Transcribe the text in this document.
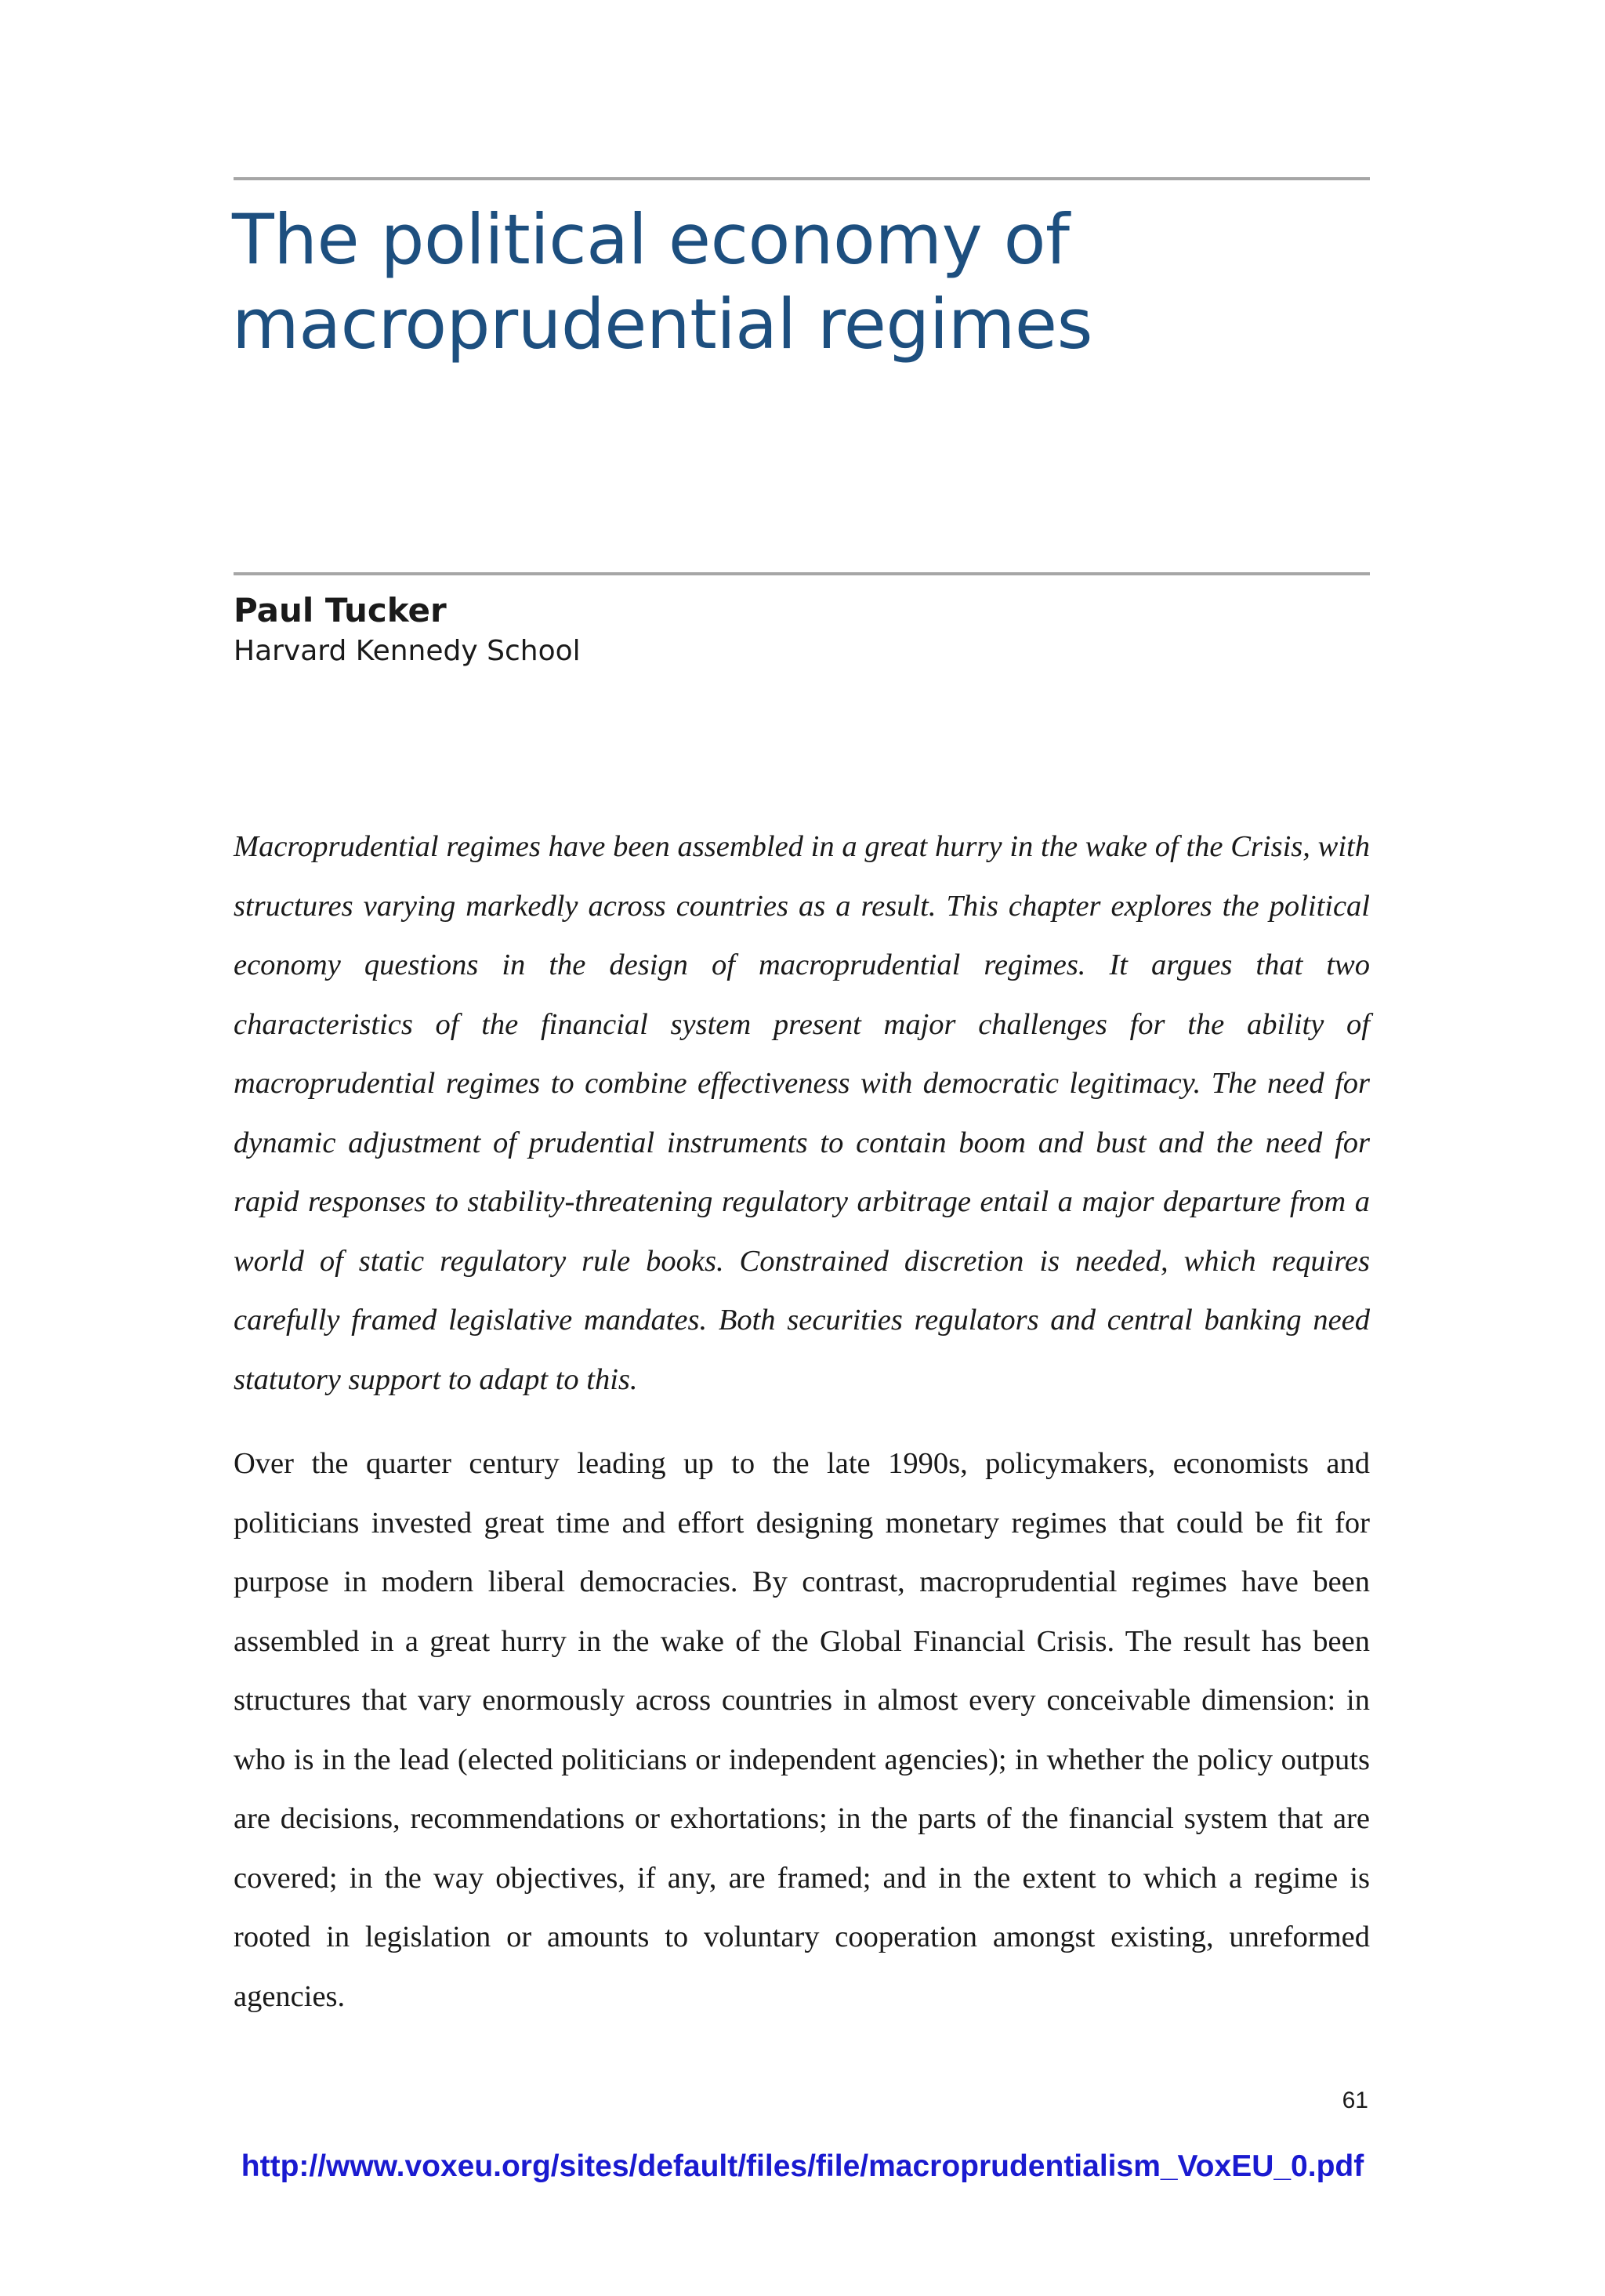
The political economy of
macroprudential regimes

Paul Tucker

Harvard Kennedy School

Macroprudential regimes have been assembled in a great hurry in the wake of the Crisis, with structures varying markedly across countries as a result. This chapter explores the political economy questions in the design of macroprudential regimes. It argues that two characteristics of the financial system present major challenges for the ability of macroprudential regimes to combine effectiveness with democratic legitimacy. The need for dynamic adjustment of prudential instruments to contain boom and bust and the need for rapid responses to stability-threatening regulatory arbitrage entail a major departure from a world of static regulatory rule books. Constrained discretion is needed, which requires carefully framed legislative mandates. Both securities regulators and central banking need statutory support to adapt to this.

Over the quarter century leading up to the late 1990s, policymakers, economists and politicians invested great time and effort designing monetary regimes that could be fit for purpose in modern liberal democracies. By contrast, macroprudential regimes have been assembled in a great hurry in the wake of the Global Financial Crisis. The result has been structures that vary enormously across countries in almost every conceivable dimension: in who is in the lead (elected politicians or independent agencies); in whether the policy outputs are decisions, recommendations or exhortations; in the parts of the financial system that are covered; in the way objectives, if any, are framed; and in the extent to which a regime is rooted in legislation or amounts to voluntary cooperation amongst existing, unreformed agencies.

61
http://www.voxeu.org/sites/default/files/file/macroprudentialism_VoxEU_0.pdf
